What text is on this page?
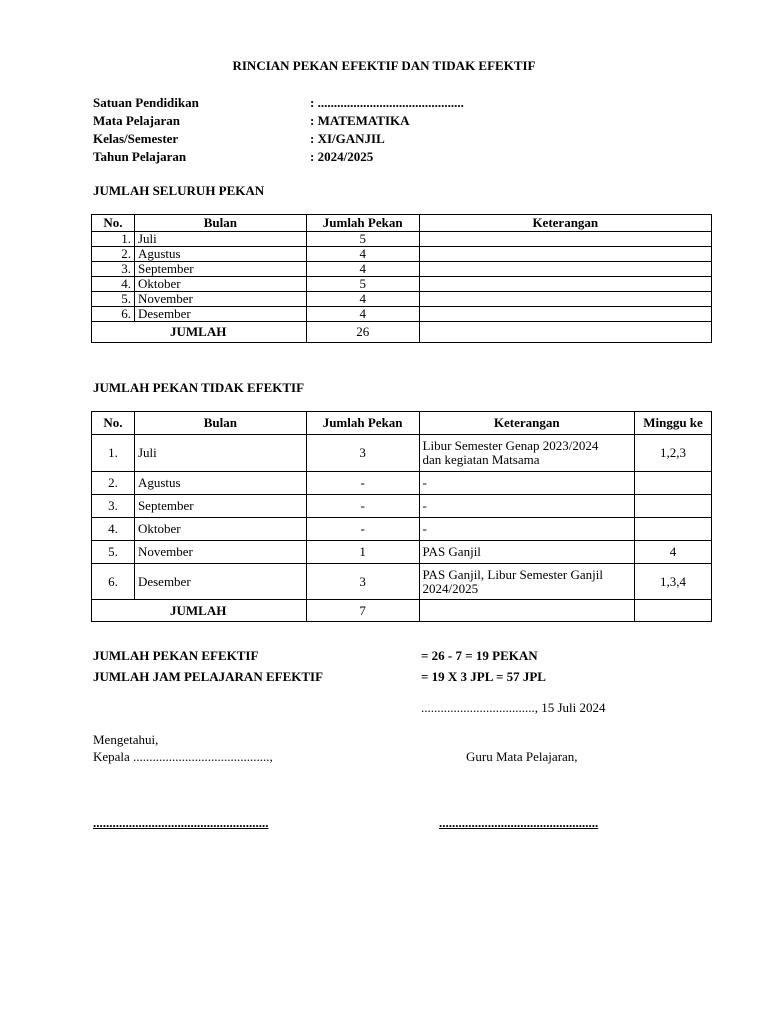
RINCIAN PEKAN EFEKTIF DAN TIDAK EFEKTIF
Satuan Pendidikan	: .............................................
Mata Pelajaran	: MATEMATIKA
Kelas/Semester	: XI/GANJIL
Tahun Pelajaran	: 2024/2025
JUMLAH SELURUH PEKAN
No.	Bulan	Jumlah Pekan	Keterangan
1.	Juli	5	
2.	Agustus	4	
3.	September	4	
4.	Oktober	5	
5.	November	4	
6.	Desember	4	
JUMLAH		26	
JUMLAH PEKAN TIDAK EFEKTIF
No.	Bulan	Jumlah Pekan	Keterangan	Minggu ke
1.	Juli	3	Libur Semester Genap 2023/2024
dan kegiatan Matsama	1,2,3
2.	Agustus	-	-	
3.	September	-	-	
4.	Oktober	-	-	
5.	November	1	PAS Ganjil	4
6.	Desember	3	PAS Ganjil, Libur Semester Ganjil
2024/2025	1,3,4
JUMLAH		7		
JUMLAH PEKAN EFEKTIF	= 26 - 7 = 19 PEKAN
JUMLAH JAM PELAJARAN EFEKTIF	= 19 X 3 JPL = 57 JPL
..................................., 15 Juli 2024
Mengetahui,
Kepala ..........................................,	Guru Mata Pelajaran,
......................................................	.................................................
